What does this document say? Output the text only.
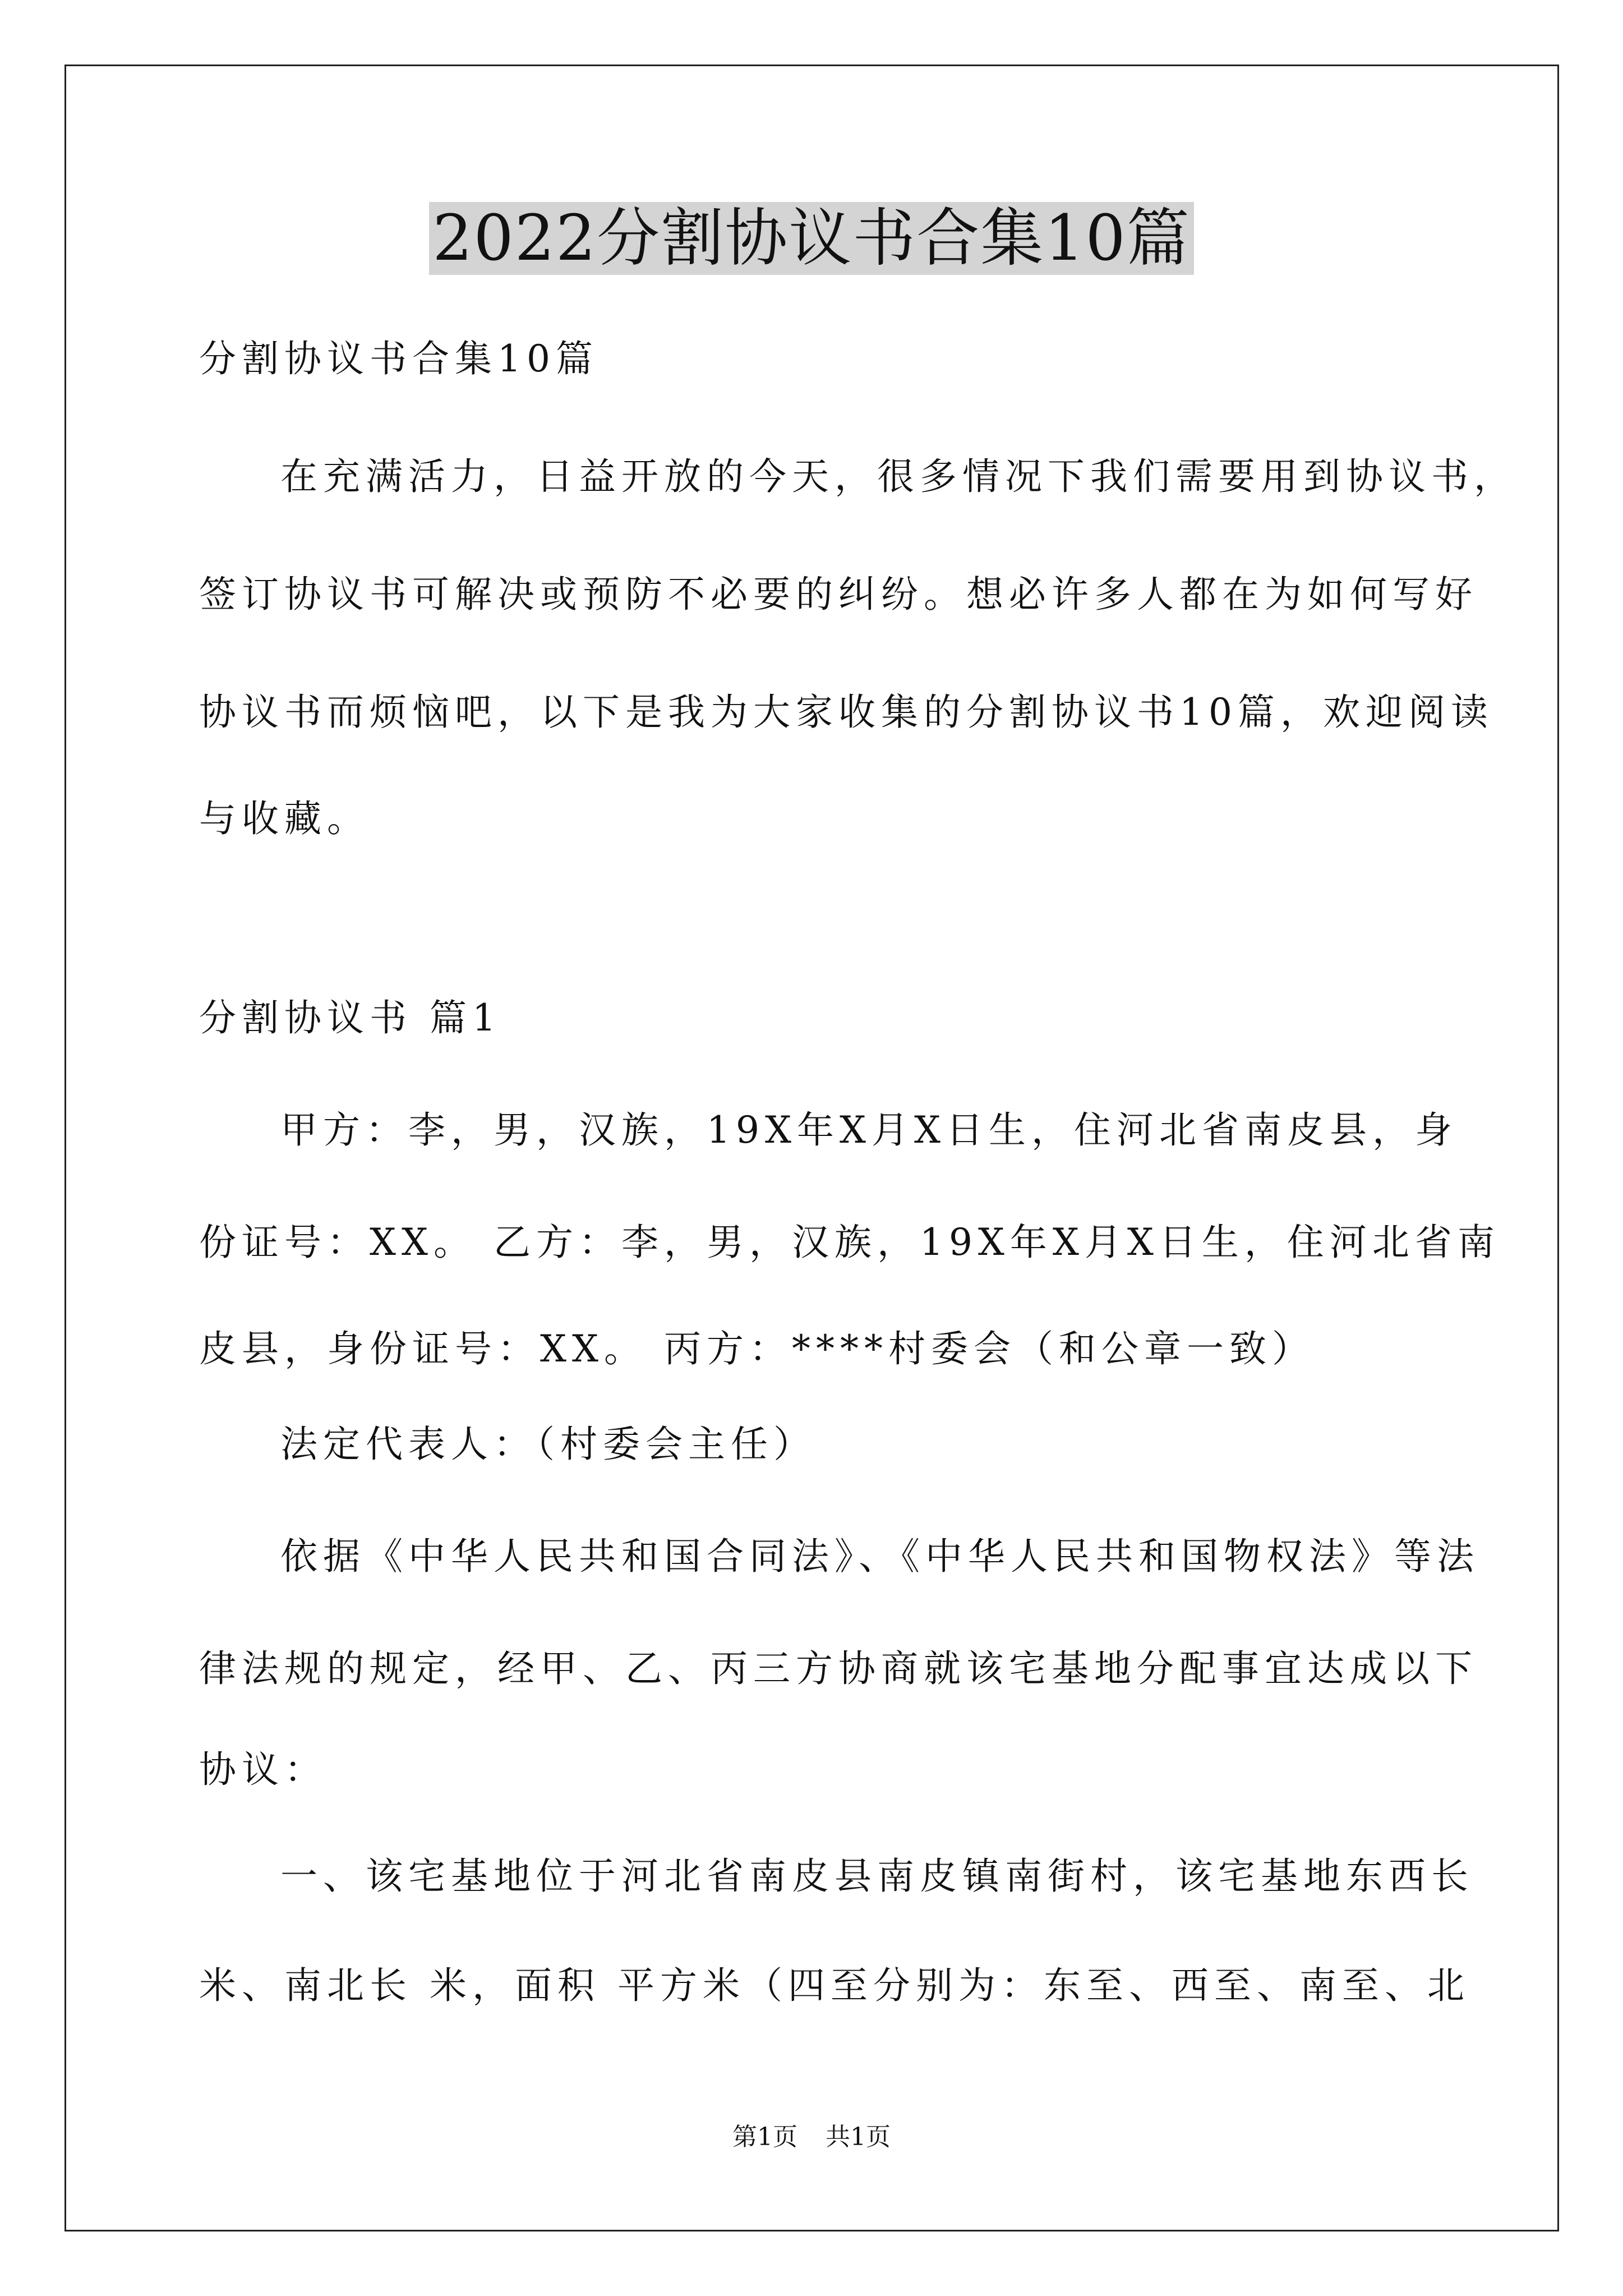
2022分割协议书合集10篇

分割协议书合集10篇

在充满活力，日益开放的今天，很多情况下我们需要用到协议书，

签订协议书可解决或预防不必要的纠纷。想必许多人都在为如何写好

协议书而烦恼吧，以下是我为大家收集的分割协议书10篇，欢迎阅读

与收藏。

分割协议书 篇1

甲方：李，男，汉族，19X年X月X日生，住河北省南皮县，身

份证号：XX。 乙方：李，男，汉族，19X年X月X日生，住河北省南

皮县，身份证号：XX。 丙方：****村委会（和公章一致）

法定代表人：（村委会主任）

依据《中华人民共和国合同法》、《中华人民共和国物权法》等法

律法规的规定，经甲、乙、丙三方协商就该宅基地分配事宜达成以下

协议：

一、该宅基地位于河北省南皮县南皮镇南街村，该宅基地东西长

米、南北长 米，面积 平方米（四至分别为：东至、西至、南至、北

第1页 共1页
